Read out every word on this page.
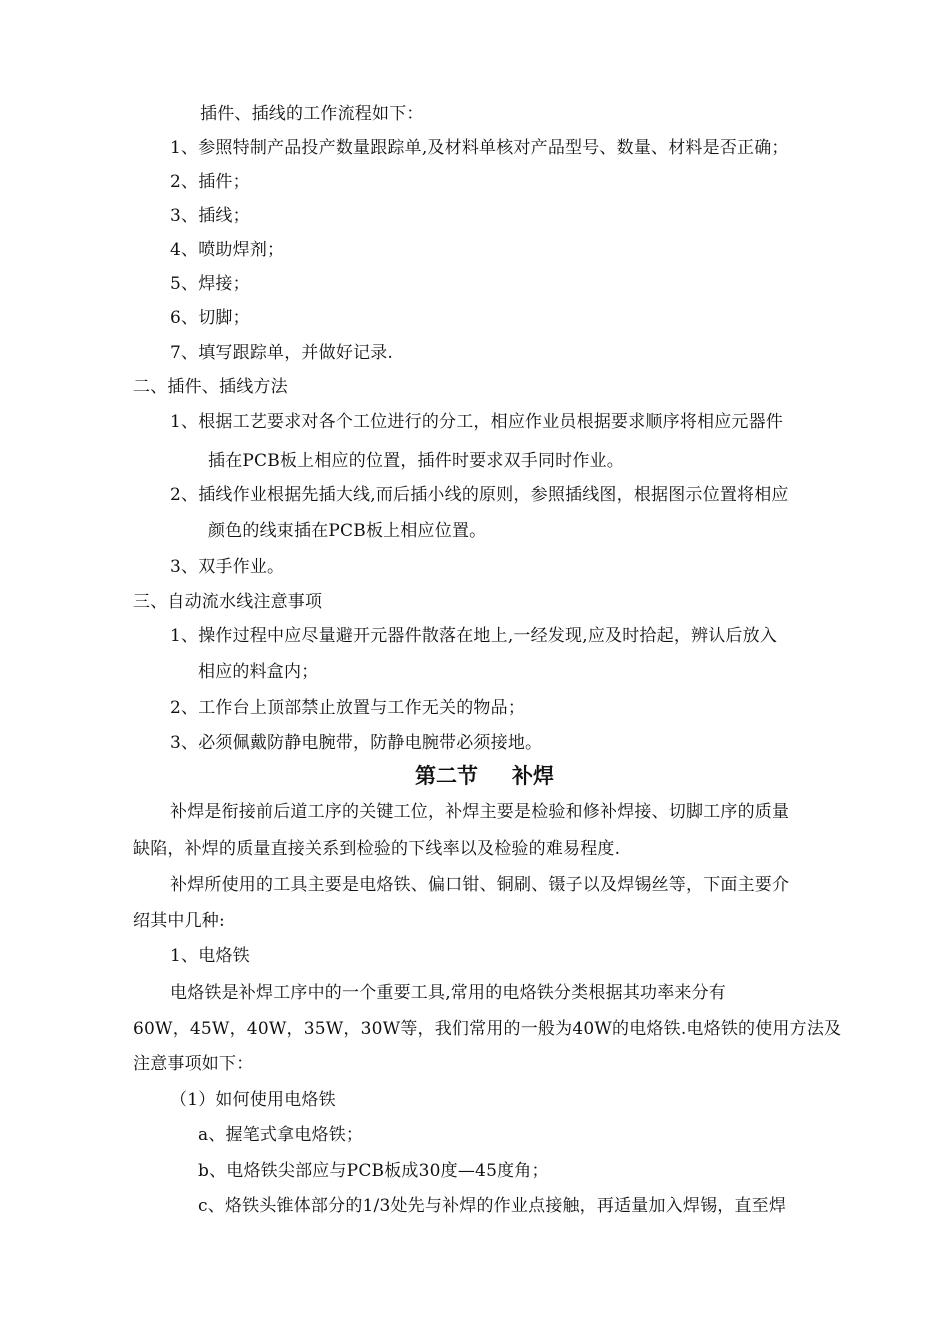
插件、插线的工作流程如下：
1、参照特制产品投产数量跟踪单,及材料单核对产品型号、数量、材料是否正确；
2、插件；
3、插线；
4、喷助焊剂；
5、焊接；
6、切脚；
7、填写跟踪单，并做好记录.
二、插件、插线方法
1、根据工艺要求对各个工位进行的分工，相应作业员根据要求顺序将相应元器件
插在PCB板上相应的位置，插件时要求双手同时作业。
2、插线作业根据先插大线,而后插小线的原则，参照插线图，根据图示位置将相应
颜色的线束插在PCB板上相应位置。
3、双手作业。
三、自动流水线注意事项
1、操作过程中应尽量避开元器件散落在地上,一经发现,应及时拾起，辨认后放入
相应的料盒内；
2、工作台上顶部禁止放置与工作无关的物品；
3、必须佩戴防静电腕带，防静电腕带必须接地。
第二节 补焊
补焊是衔接前后道工序的关键工位，补焊主要是检验和修补焊接、切脚工序的质量
缺陷，补焊的质量直接关系到检验的下线率以及检验的难易程度.
补焊所使用的工具主要是电烙铁、偏口钳、铜刷、镊子以及焊锡丝等，下面主要介
绍其中几种:
1、电烙铁
电烙铁是补焊工序中的一个重要工具,常用的电烙铁分类根据其功率来分有
60W，45W，40W，35W，30W等，我们常用的一般为40W的电烙铁.电烙铁的使用方法及
注意事项如下：
（1）如何使用电烙铁
a、握笔式拿电烙铁；
b、电烙铁尖部应与PCB板成30度—45度角；
c、烙铁头锥体部分的1/3处先与补焊的作业点接触，再适量加入焊锡，直至焊
